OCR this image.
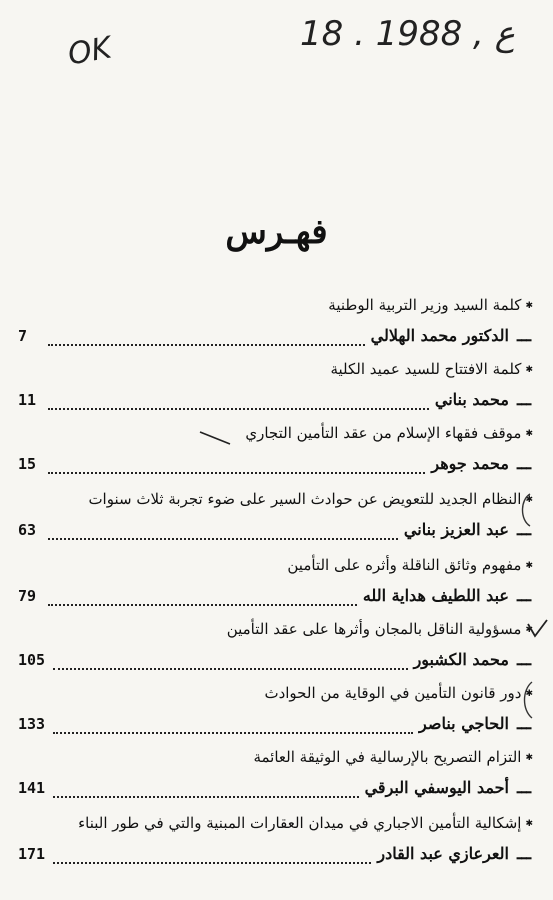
OK	18 . ع , 1988
فهـرس
✱كلمة السيد وزير التربية الوطنية
ـــ
الدكتور محمد الهلالي
7
✱كلمة الافتتاح للسيد عميد الكلية
ـــ
محمد بناني
11
✱موقف فقهاء الإسلام من عقد التأمين التجاري
ـــ
محمد جوهر
15
✱النظام الجديد للتعويض عن حوادث السير على ضوء تجربة ثلاث سنوات
ـــ
عبد العزيز بناني
63
✱مفهوم وثائق الناقلة وأثره على التأمين
ـــ
عبد اللطيف هداية الله
79
✱مسؤولية الناقل بالمجان وأثرها على عقد التأمين
ـــ
محمد الكشبور
105
✱دور قانون التأمين في الوقاية من الحوادث
ـــ
الحاجي بناصر
133
✱التزام التصريح بالإرسالية في الوثيقة العائمة
ـــ
أحمد اليوسفي البرقي
141
✱إشكالية التأمين الاجباري في ميدان العقارات المبنية والتي في طور البناء
ـــ
العرعازي عبد القادر
171
